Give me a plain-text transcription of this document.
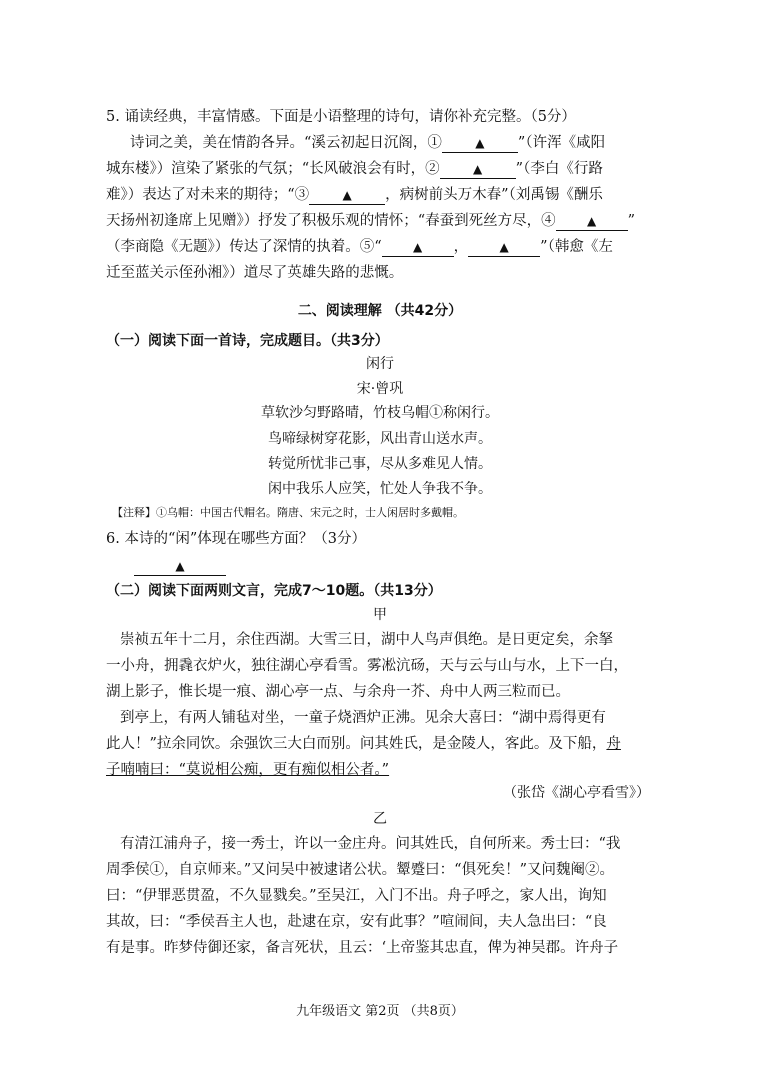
5. 诵读经典，丰富情感。下面是小语整理的诗句，请你补充完整。（5分）
诗词之美，美在情韵各异。“溪云初起日沉阁，①	▲ ”（许浑《咸阳
城东楼》）渲染了紧张的气氛；“长风破浪会有时，②	▲ ”（李白《行路
难》）表达了对未来的期待；“③	▲ ，病树前头万木春”（刘禹锡《酬乐
天扬州初逢席上见赠》）抒发了积极乐观的情怀；“春蚕到死丝方尽，④	▲ ”
（李商隐《无题》）传达了深情的执着。⑤“	▲ ，	▲ ”（韩愈《左
迁至蓝关示侄孙湘》）道尽了英雄失路的悲慨。
二、阅读理解 （共42分）
（一）阅读下面一首诗，完成题目。（共3分）
闲行
宋·曾巩
草软沙匀野路晴，竹枝乌帽①称闲行。
鸟啼绿树穿花影，风出青山送水声。
转觉所忧非己事，尽从多难见人情。
闲中我乐人应笑，忙处人争我不争。
【注释】①乌帽：中国古代帽名。隋唐、宋元之时，士人闲居时多戴帽。
6. 本诗的“闲”体现在哪些方面？（3分）
▲
（二）阅读下面两则文言，完成7～10题。（共13分）
甲
崇祯五年十二月，余住西湖。大雪三日，湖中人鸟声俱绝。是日更定矣，余拏
一小舟，拥毳衣炉火，独往湖心亭看雪。雾凇沆砀，天与云与山与水，上下一白，
湖上影子，惟长堤一痕、湖心亭一点、与余舟一芥、舟中人两三粒而已。
到亭上，有两人铺毡对坐，一童子烧酒炉正沸。见余大喜曰：“湖中焉得更有
此人！”拉余同饮。余强饮三大白而别。问其姓氏，是金陵人，客此。及下船，舟
子喃喃曰：“莫说相公痴，更有痴似相公者。”
（张岱《湖心亭看雪》）
乙
有清江浦舟子，接一秀士，许以一金庄舟。问其姓氏，自何所来。秀士曰：“我
周季侯①，自京师来。”又问吴中被逮诸公状。颦蹙曰：“俱死矣！”又问魏阉②。
曰：“伊罪恶贯盈，不久显戮矣。”至吴江，入门不出。舟子呼之，家人出，询知
其故，曰：“季侯吾主人也，赴逮在京，安有此事？”喧闹间，夫人急出曰：“良
有是事。昨梦侍御还家，备言死状，且云：‘上帝鉴其忠直，俾为神吴郡。许舟子
九年级语文 第2页 （共8页）
